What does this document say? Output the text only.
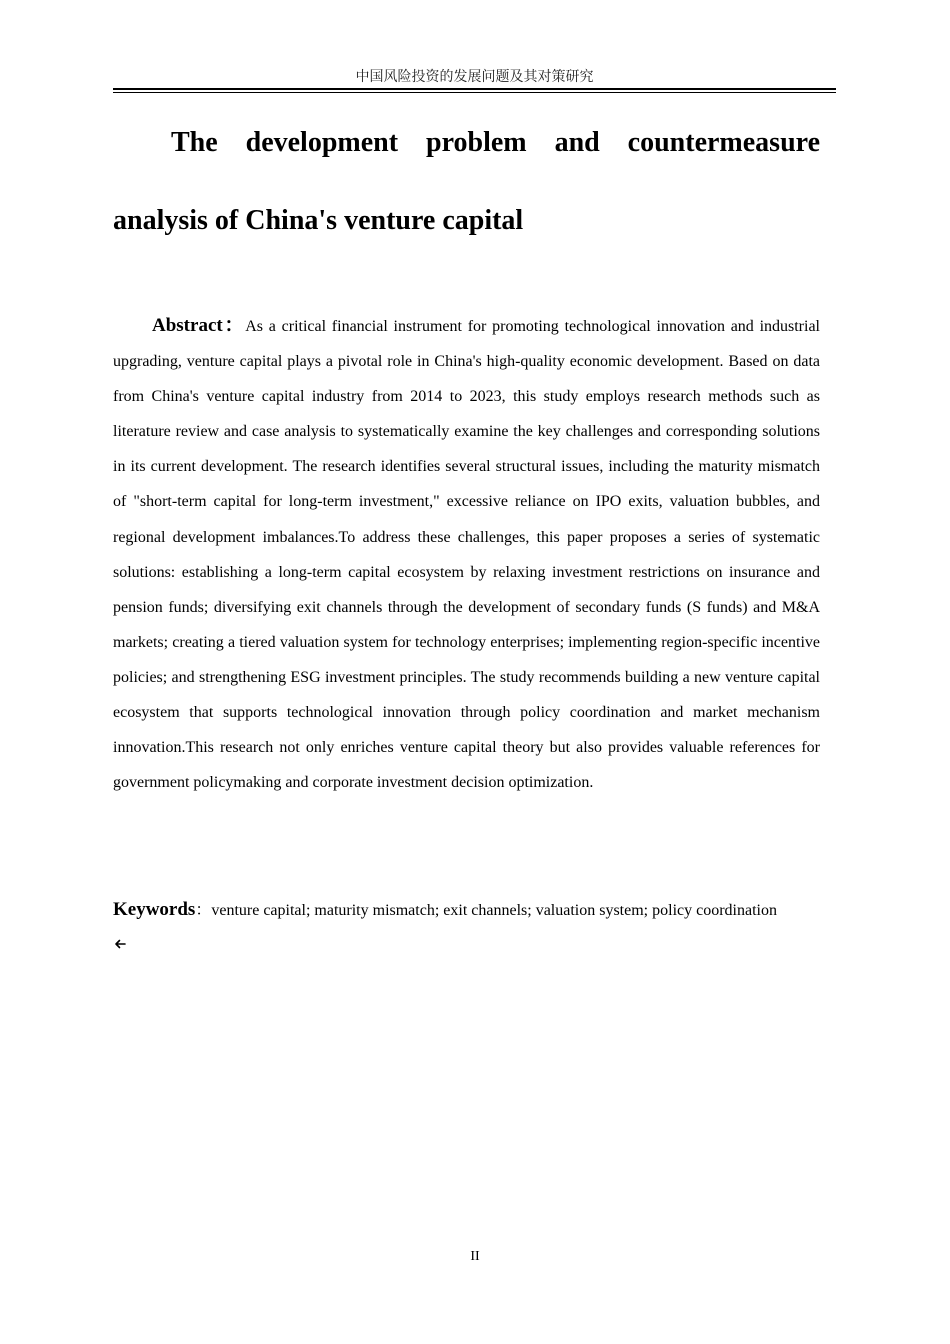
中国风险投资的发展问题及其对策研究
The development problem and countermeasure analysis of China's venture capital

Abstract：As a critical financial instrument for promoting technological innovation and industrial upgrading, venture capital plays a pivotal role in China's high-quality economic development. Based on data from China's venture capital industry from 2014 to 2023, this study employs research methods such as literature review and case analysis to systematically examine the key challenges and corresponding solutions in its current development. The research identifies several structural issues, including the maturity mismatch of "short-term capital for long-term investment," excessive reliance on IPO exits, valuation bubbles, and regional development imbalances.To address these challenges, this paper proposes a series of systematic solutions: establishing a long-term capital ecosystem by relaxing investment restrictions on insurance and pension funds; diversifying exit channels through the development of secondary funds (S funds) and M&A markets; creating a tiered valuation system for technology enterprises; implementing region-specific incentive policies; and strengthening ESG investment principles. The study recommends building a new venture capital ecosystem that supports technological innovation through policy coordination and market mechanism innovation.This research not only enriches venture capital theory but also provides valuable references for government policymaking and corporate investment decision optimization.

Keywords：venture capital; maturity mismatch; exit channels; valuation system; policy coordination

II
